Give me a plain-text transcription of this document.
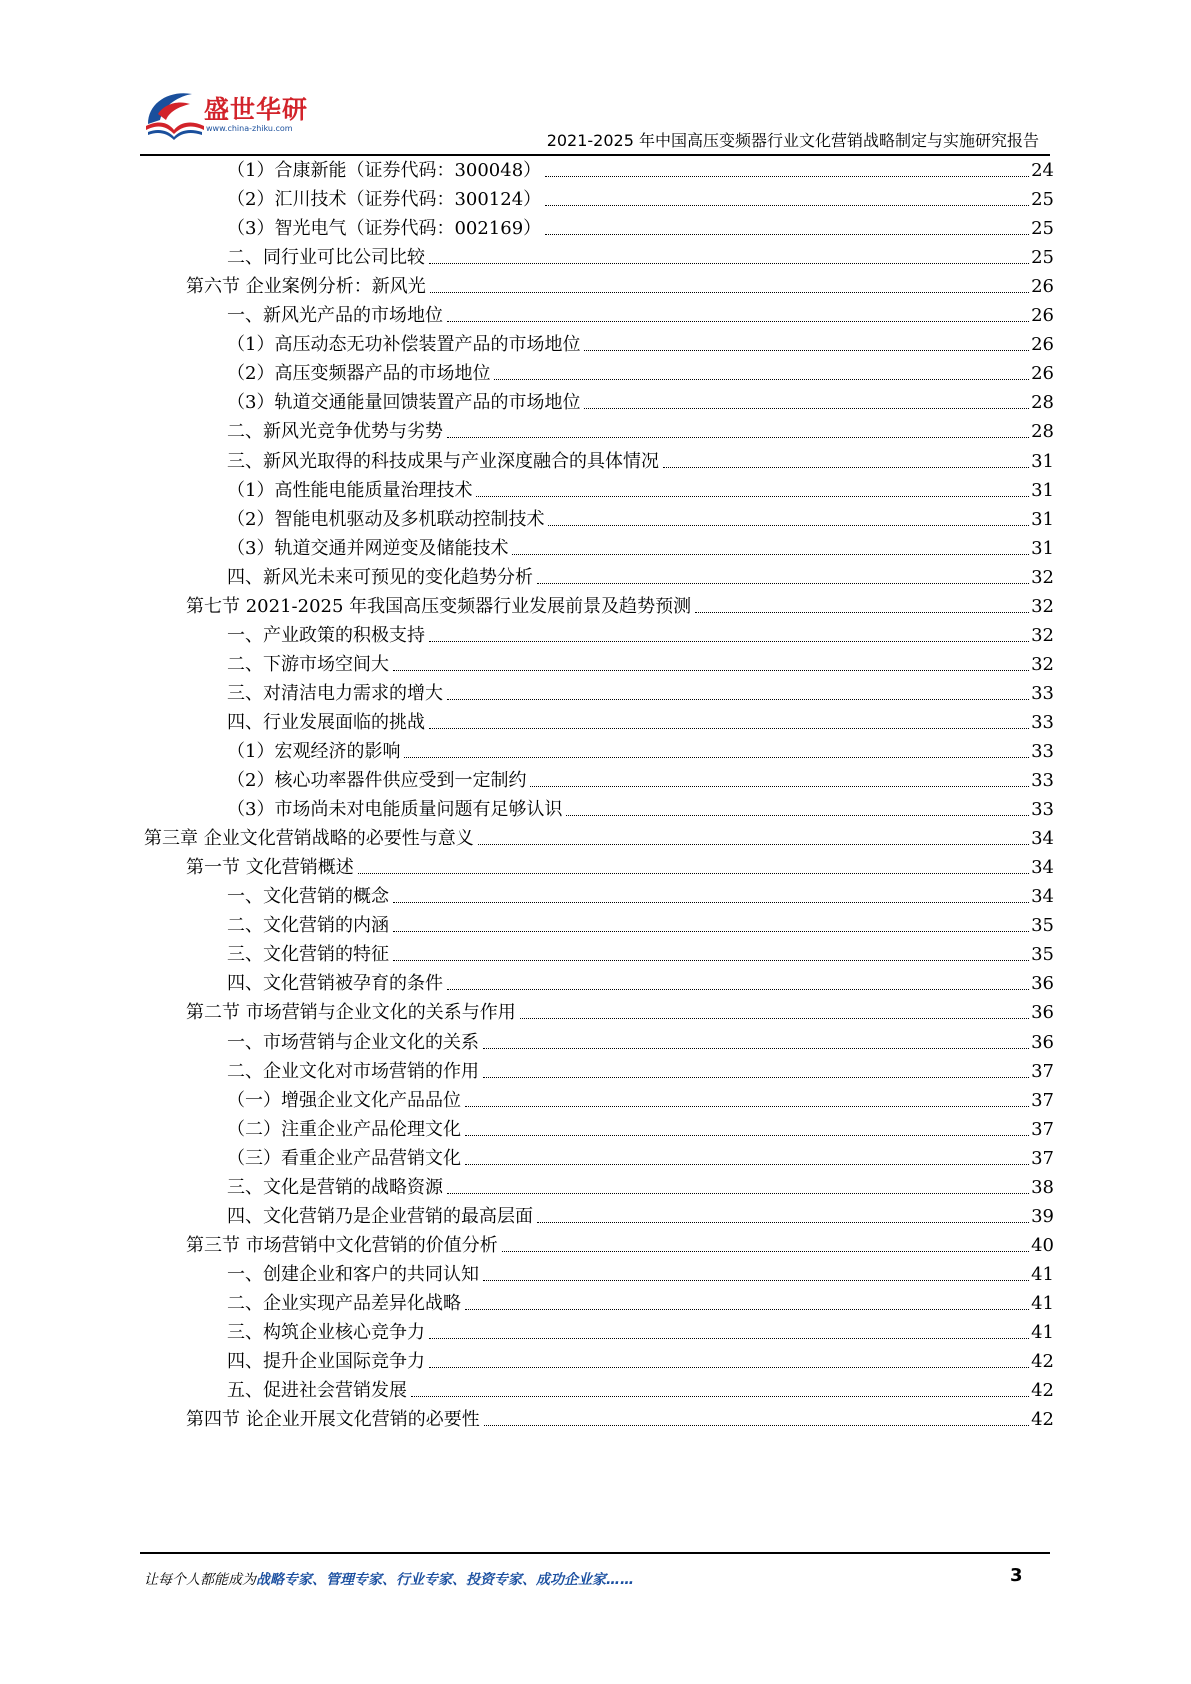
盛世华研
www.china-zhiku.com
2021-2025 年中国高压变频器行业文化营销战略制定与实施研究报告
（1）合康新能（证券代码：300048）	24
（2）汇川技术（证券代码：300124）	25
（3）智光电气（证券代码：002169）	25
二、同行业可比公司比较	25
第六节 企业案例分析：新风光	26
一、新风光产品的市场地位	26
（1）高压动态无功补偿装置产品的市场地位	26
（2）高压变频器产品的市场地位	26
（3）轨道交通能量回馈装置产品的市场地位	28
二、新风光竞争优势与劣势	28
三、新风光取得的科技成果与产业深度融合的具体情况	31
（1）高性能电能质量治理技术	31
（2）智能电机驱动及多机联动控制技术	31
（3）轨道交通并网逆变及储能技术	31
四、新风光未来可预见的变化趋势分析	32
第七节 2021-2025 年我国高压变频器行业发展前景及趋势预测	32
一、产业政策的积极支持	32
二、下游市场空间大	32
三、对清洁电力需求的增大	33
四、行业发展面临的挑战	33
（1）宏观经济的影响	33
（2）核心功率器件供应受到一定制约	33
（3）市场尚未对电能质量问题有足够认识	33
第三章 企业文化营销战略的必要性与意义	34
第一节 文化营销概述	34
一、文化营销的概念	34
二、文化营销的内涵	35
三、文化营销的特征	35
四、文化营销被孕育的条件	36
第二节 市场营销与企业文化的关系与作用	36
一、市场营销与企业文化的关系	36
二、企业文化对市场营销的作用	37
（一）增强企业文化产品品位	37
（二）注重企业产品伦理文化	37
（三）看重企业产品营销文化	37
三、文化是营销的战略资源	38
四、文化营销乃是企业营销的最高层面	39
第三节 市场营销中文化营销的价值分析	40
一、创建企业和客户的共同认知	41
二、企业实现产品差异化战略	41
三、构筑企业核心竞争力	41
四、提升企业国际竞争力	42
五、促进社会营销发展	42
第四节 论企业开展文化营销的必要性	42
让每个人都能成为战略专家、管理专家、行业专家、投资专家、成功企业家……	3
